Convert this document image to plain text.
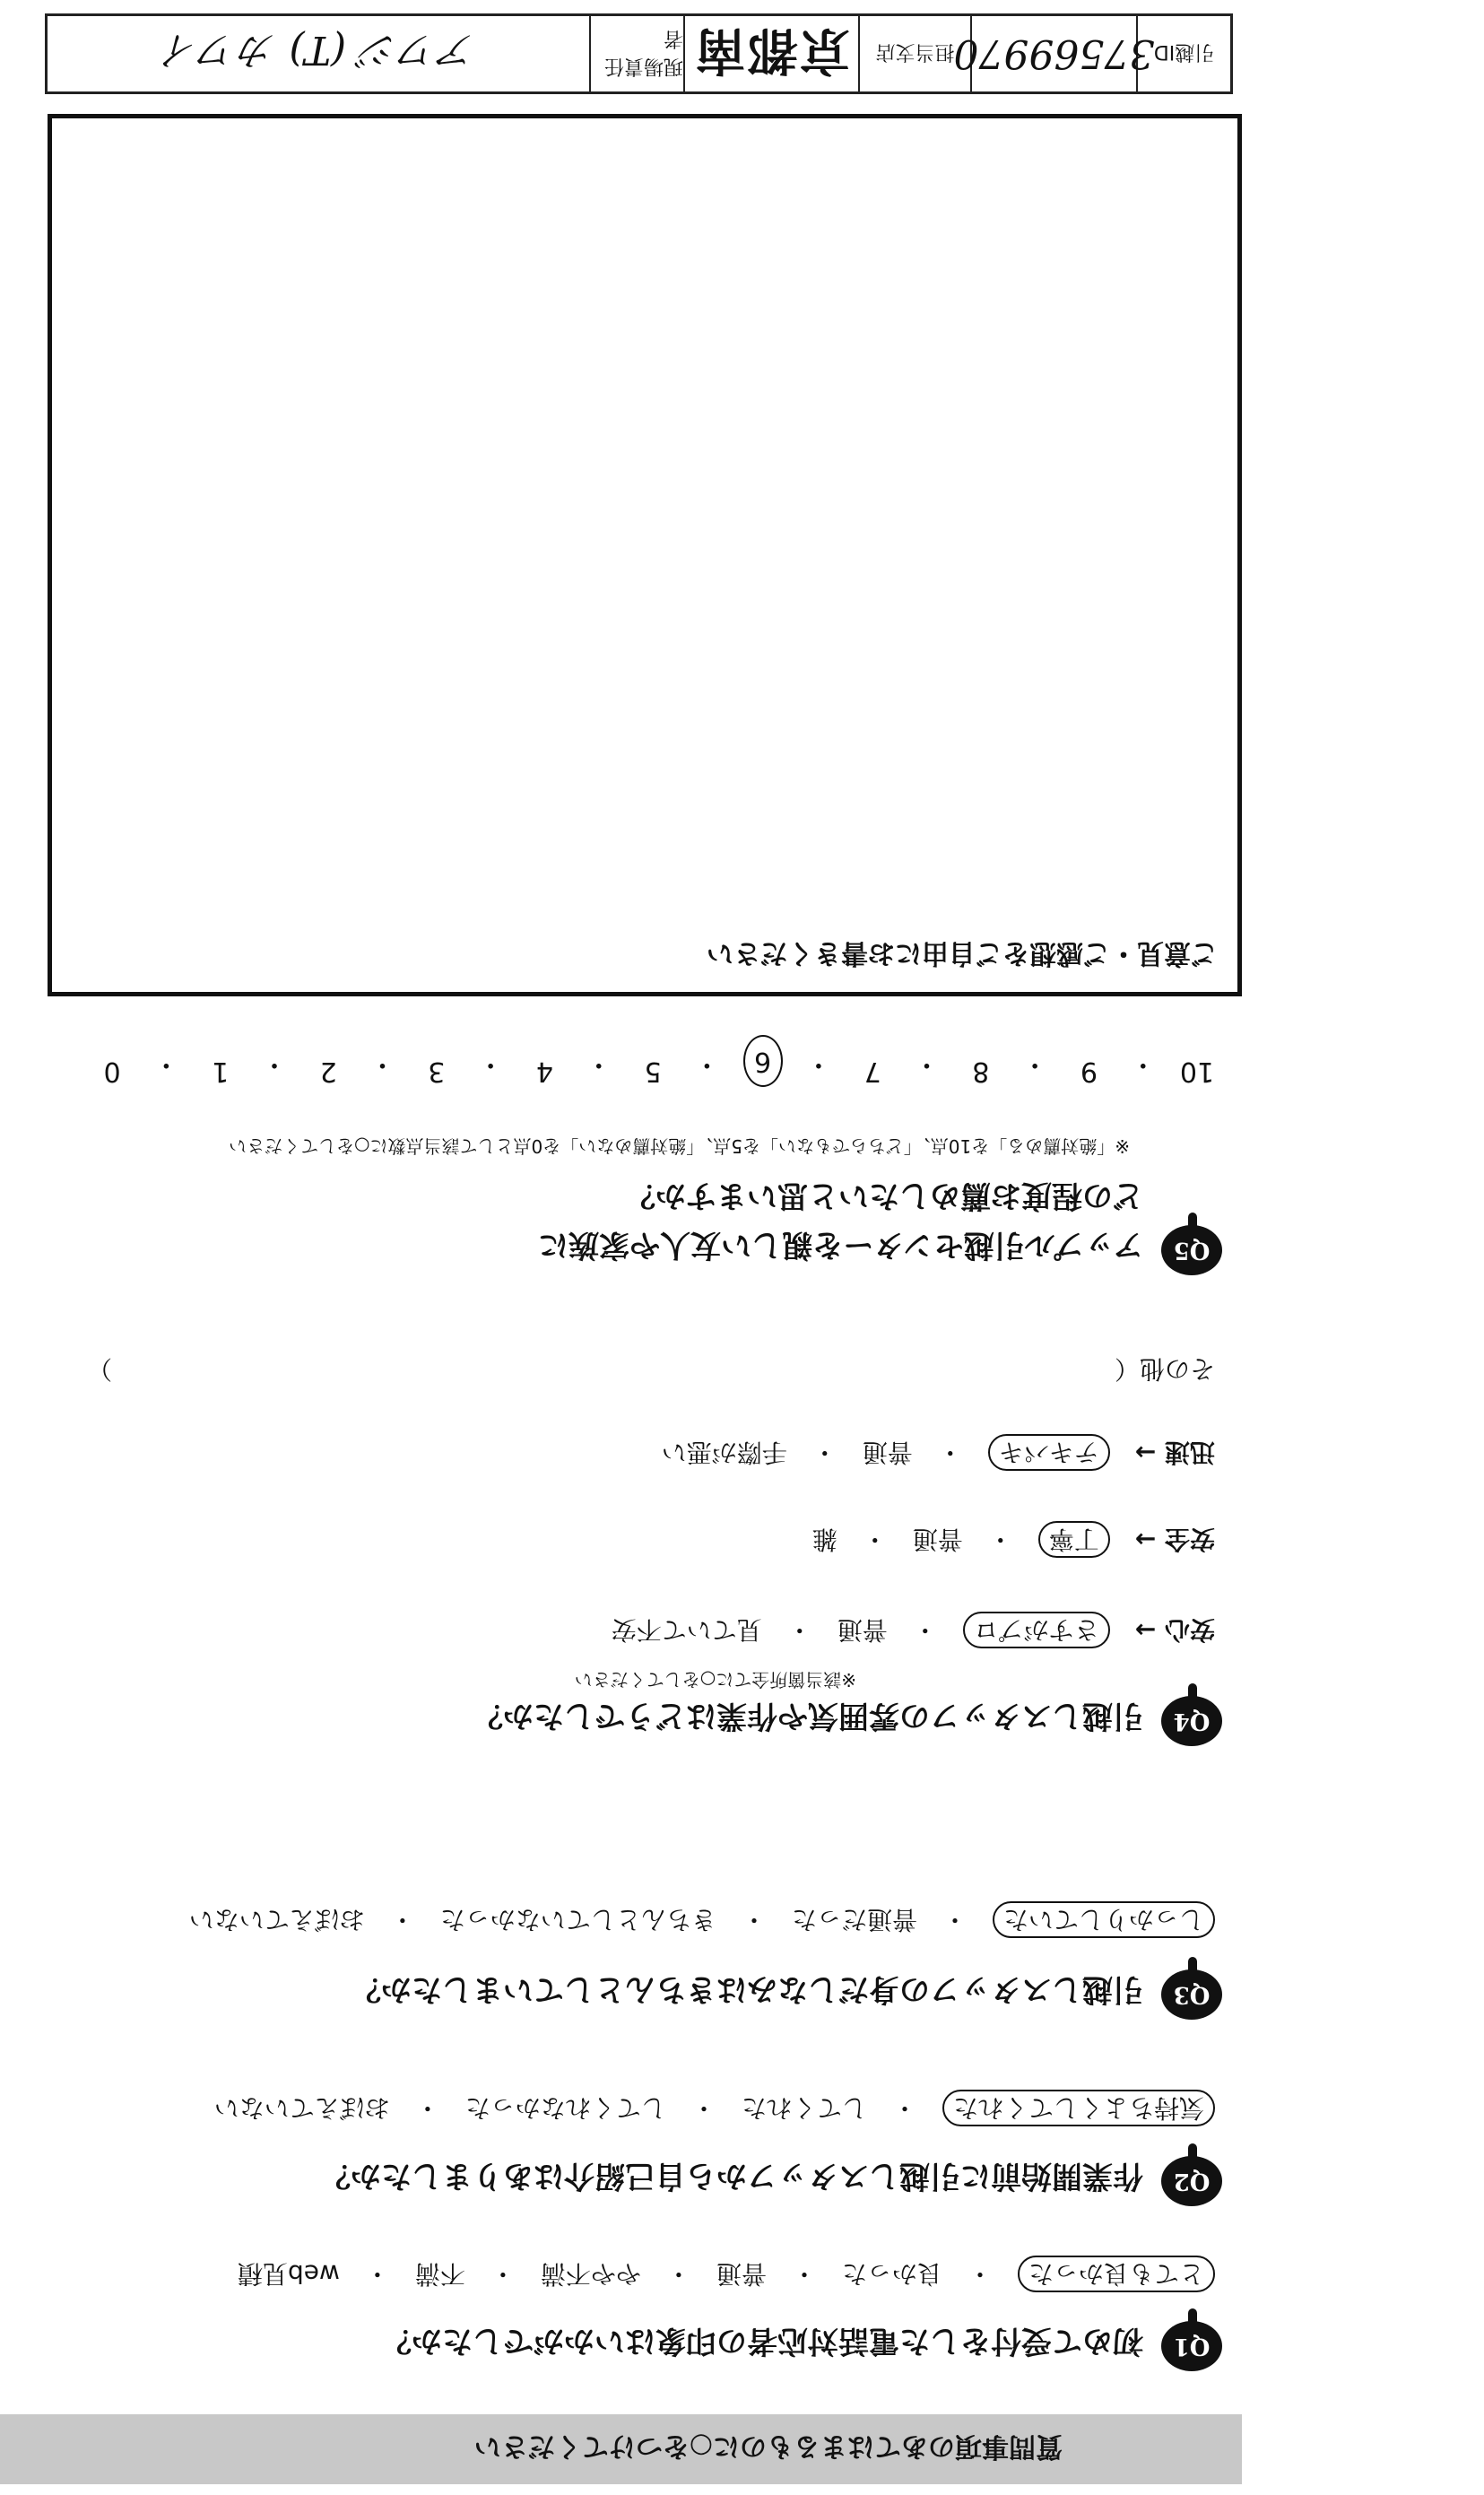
質問事項のあてはまるものに○をつけてください
Q1
初めて受付をした電話対応者の印象はいかがでしたか？
とても良かった　・　良かった　・　普通　・　やや不満　・　不満　・　web見積
Q2
作業開始前に引越しスタッフから自己紹介はありましたか？
気持ちよくしてくれた　・　してくれた　・　してくれなかった　・　おぼえていない
Q3
引越しスタッフの身だしなみはきちんとしていましたか？
しっかりしていた　・　普通だった　・　きちんとしていなかった　・　おぼえていない
Q4
引越しスタッフの雰囲気や作業はどうでしたか？
※該当箇所全てに○をしてください
安心 →　さすがプロ　・　普通　・　見ていて不安
安全 →　丁寧　・　普通　・　雑
迅速 →　テキパキ　・　普通　・　手際が悪い
その他（  ）
Q5
アップル引越センターを親しい友人や家族に
どの程度お薦めしたいと思いますか？
※「絶対薦める」を10点、「どちらでもない」を5点、「絶対薦めない」を0点として該当点数に○をしてください
10
・
9
・
8
・
7
・
6
・
5
・
4
・
3
・
2
・
1
・
0
ご意見・ご感想をご自由にお書きください
引越ID
37569970
担当支店
京都南
現場責任者
アワジ (T) カワイ
